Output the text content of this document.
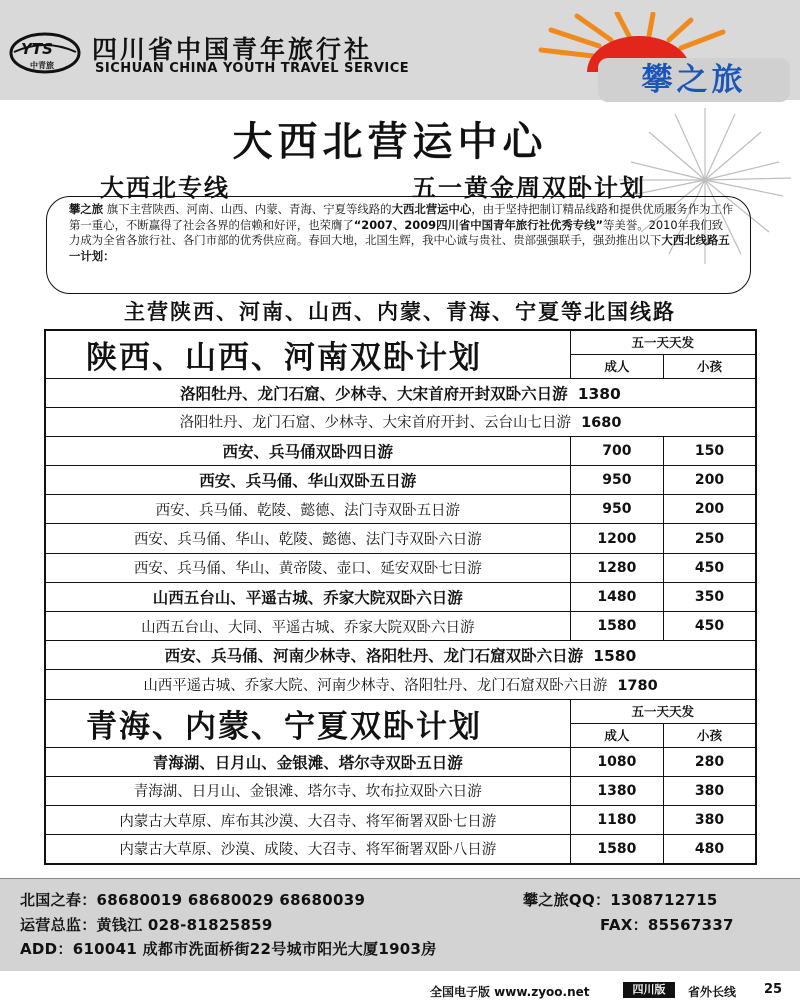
YTS
中青旅
四川省中国青年旅行社
SICHUAN CHINA YOUTH TRAVEL SERVICE	攀之旅
大西北营运中心
大西北专线	五一黄金周双卧计划
攀之旅 旗下主营陕西、河南、山西、内蒙、青海、宁夏等线路的大西北营运中心，由于坚持把制订精品线路和提供优质服务作为工作第一重心，不断赢得了社会各界的信赖和好评，也荣膺了“2007、2009四川省中国青年旅行社优秀专线”等美誉。2010年我们致力成为全省各旅行社、各门市部的优秀供应商。春回大地，北国生辉，我中心诚与贵社、贵部强强联手，强劲推出以下大西北线路五一计划：
主营陕西、河南、山西、内蒙、青海、宁夏等北国线路
陕西、山西、河南双卧计划	五一天天发	
	成人	小孩
洛阳牡丹、龙门石窟、少林寺、大宋首府开封双卧六日游 1380		
洛阳牡丹、龙门石窟、少林寺、大宋首府开封、云台山七日游 1680		
西安、兵马俑双卧四日游	700	150
西安、兵马俑、华山双卧五日游	950	200
西安、兵马俑、乾陵、懿德、法门寺双卧五日游	950	200
西安、兵马俑、华山、乾陵、懿德、法门寺双卧六日游	1200	250
西安、兵马俑、华山、黄帝陵、壶口、延安双卧七日游	1280	450
山西五台山、平遥古城、乔家大院双卧六日游	1480	350
山西五台山、大同、平遥古城、乔家大院双卧六日游	1580	450
西安、兵马俑、河南少林寺、洛阳牡丹、龙门石窟双卧六日游 1580		
山西平遥古城、乔家大院、河南少林寺、洛阳牡丹、龙门石窟双卧六日游 1780		
青海、内蒙、宁夏双卧计划	五一天天发	
	成人	小孩
青海湖、日月山、金银滩、塔尔寺双卧五日游	1080	280
青海湖、日月山、金银滩、塔尔寺、坎布拉双卧六日游	1380	380
内蒙古大草原、库布其沙漠、大召寺、将军衙署双卧七日游	1180	380
内蒙古大草原、沙漠、成陵、大召寺、将军衙署双卧八日游	1580	480
北国之春：68680019 68680029 68680039	攀之旅QQ：1308712715
运营总监：黄钱江 028-81825859	FAX：85567337
ADD：610041 成都市洗面桥街22号城市阳光大厦1903房
全国电子版 www.zyoo.net	四川版	省外长线 25
